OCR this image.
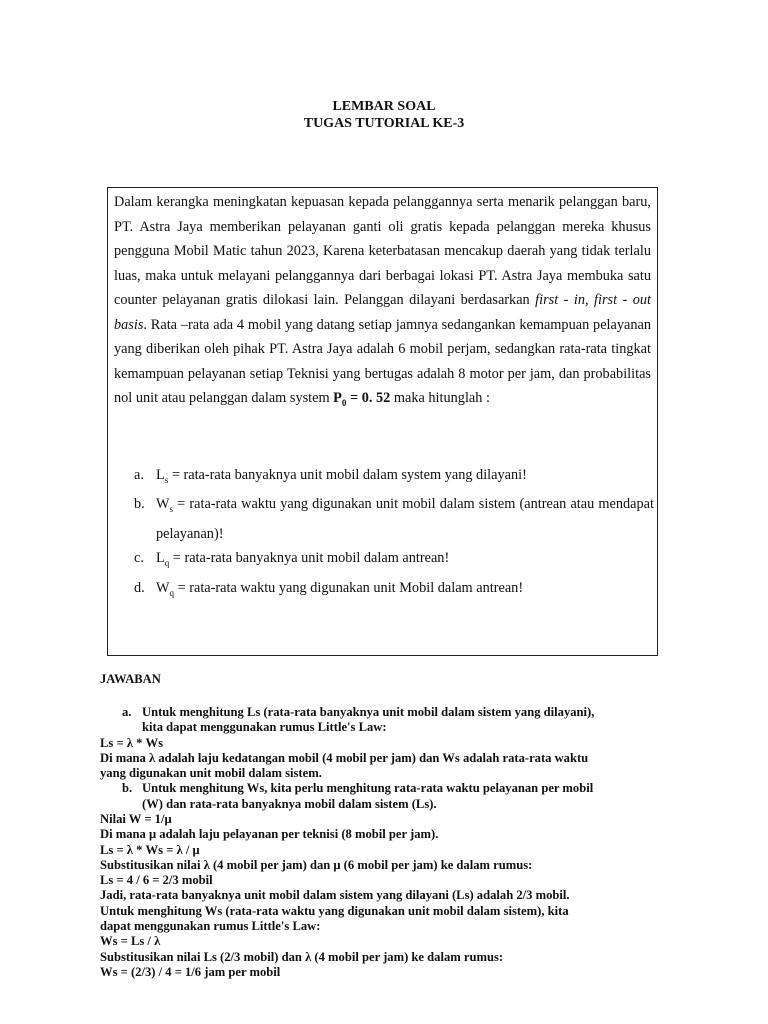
LEMBAR SOAL
TUGAS TUTORIAL KE-3

Dalam kerangka meningkatan kepuasan kepada pelanggannya serta menarik pelanggan baru, PT. Astra Jaya memberikan pelayanan ganti oli gratis kepada pelanggan mereka khusus pengguna Mobil Matic tahun 2023, Karena keterbatasan mencakup daerah yang tidak terlalu luas, maka untuk melayani pelanggannya dari berbagai lokasi PT. Astra Jaya membuka satu counter pelayanan gratis dilokasi lain. Pelanggan dilayani berdasarkan first - in, first - out basis. Rata –rata ada 4 mobil yang datang setiap jamnya sedangankan kemampuan pelayanan yang diberikan oleh pihak PT. Astra Jaya adalah 6 mobil perjam, sedangkan rata-rata tingkat kemampuan pelayanan setiap Teknisi yang bertugas adalah 8 motor per jam, dan probabilitas nol unit atau pelanggan dalam system $P_0 = 0$. 52 maka hitunglah :

a. $L_s$ = rata-rata banyaknya unit mobil dalam system yang dilayani!
b. $W_s$ = rata-rata waktu yang digunakan unit mobil dalam sistem (antrean atau mendapat pelayanan)!
c. $L_q$ = rata-rata banyaknya unit mobil dalam antrean!
d. $W_q$ = rata-rata waktu yang digunakan unit Mobil dalam antrean!
JAWABAN
a. Untuk menghitung Ls (rata-rata banyaknya unit mobil dalam sistem yang dilayani),
kita dapat menggunakan rumus Little's Law:
Ls = λ * Ws
Di mana λ adalah laju kedatangan mobil (4 mobil per jam) dan Ws adalah rata-rata waktu
yang digunakan unit mobil dalam sistem.
b. Untuk menghitung Ws, kita perlu menghitung rata-rata waktu pelayanan per mobil
(W) dan rata-rata banyaknya mobil dalam sistem (Ls).
Nilai W = 1/μ
Di mana μ adalah laju pelayanan per teknisi (8 mobil per jam).
Ls = λ * Ws = λ / μ
Substitusikan nilai λ (4 mobil per jam) dan μ (6 mobil per jam) ke dalam rumus:
Ls = 4 / 6 = 2/3 mobil
Jadi, rata-rata banyaknya unit mobil dalam sistem yang dilayani (Ls) adalah 2/3 mobil.
Untuk menghitung Ws (rata-rata waktu yang digunakan unit mobil dalam sistem), kita
dapat menggunakan rumus Little's Law:
Ws = Ls / λ
Substitusikan nilai Ls (2/3 mobil) dan λ (4 mobil per jam) ke dalam rumus:
Ws = (2/3) / 4 = 1/6 jam per mobil
